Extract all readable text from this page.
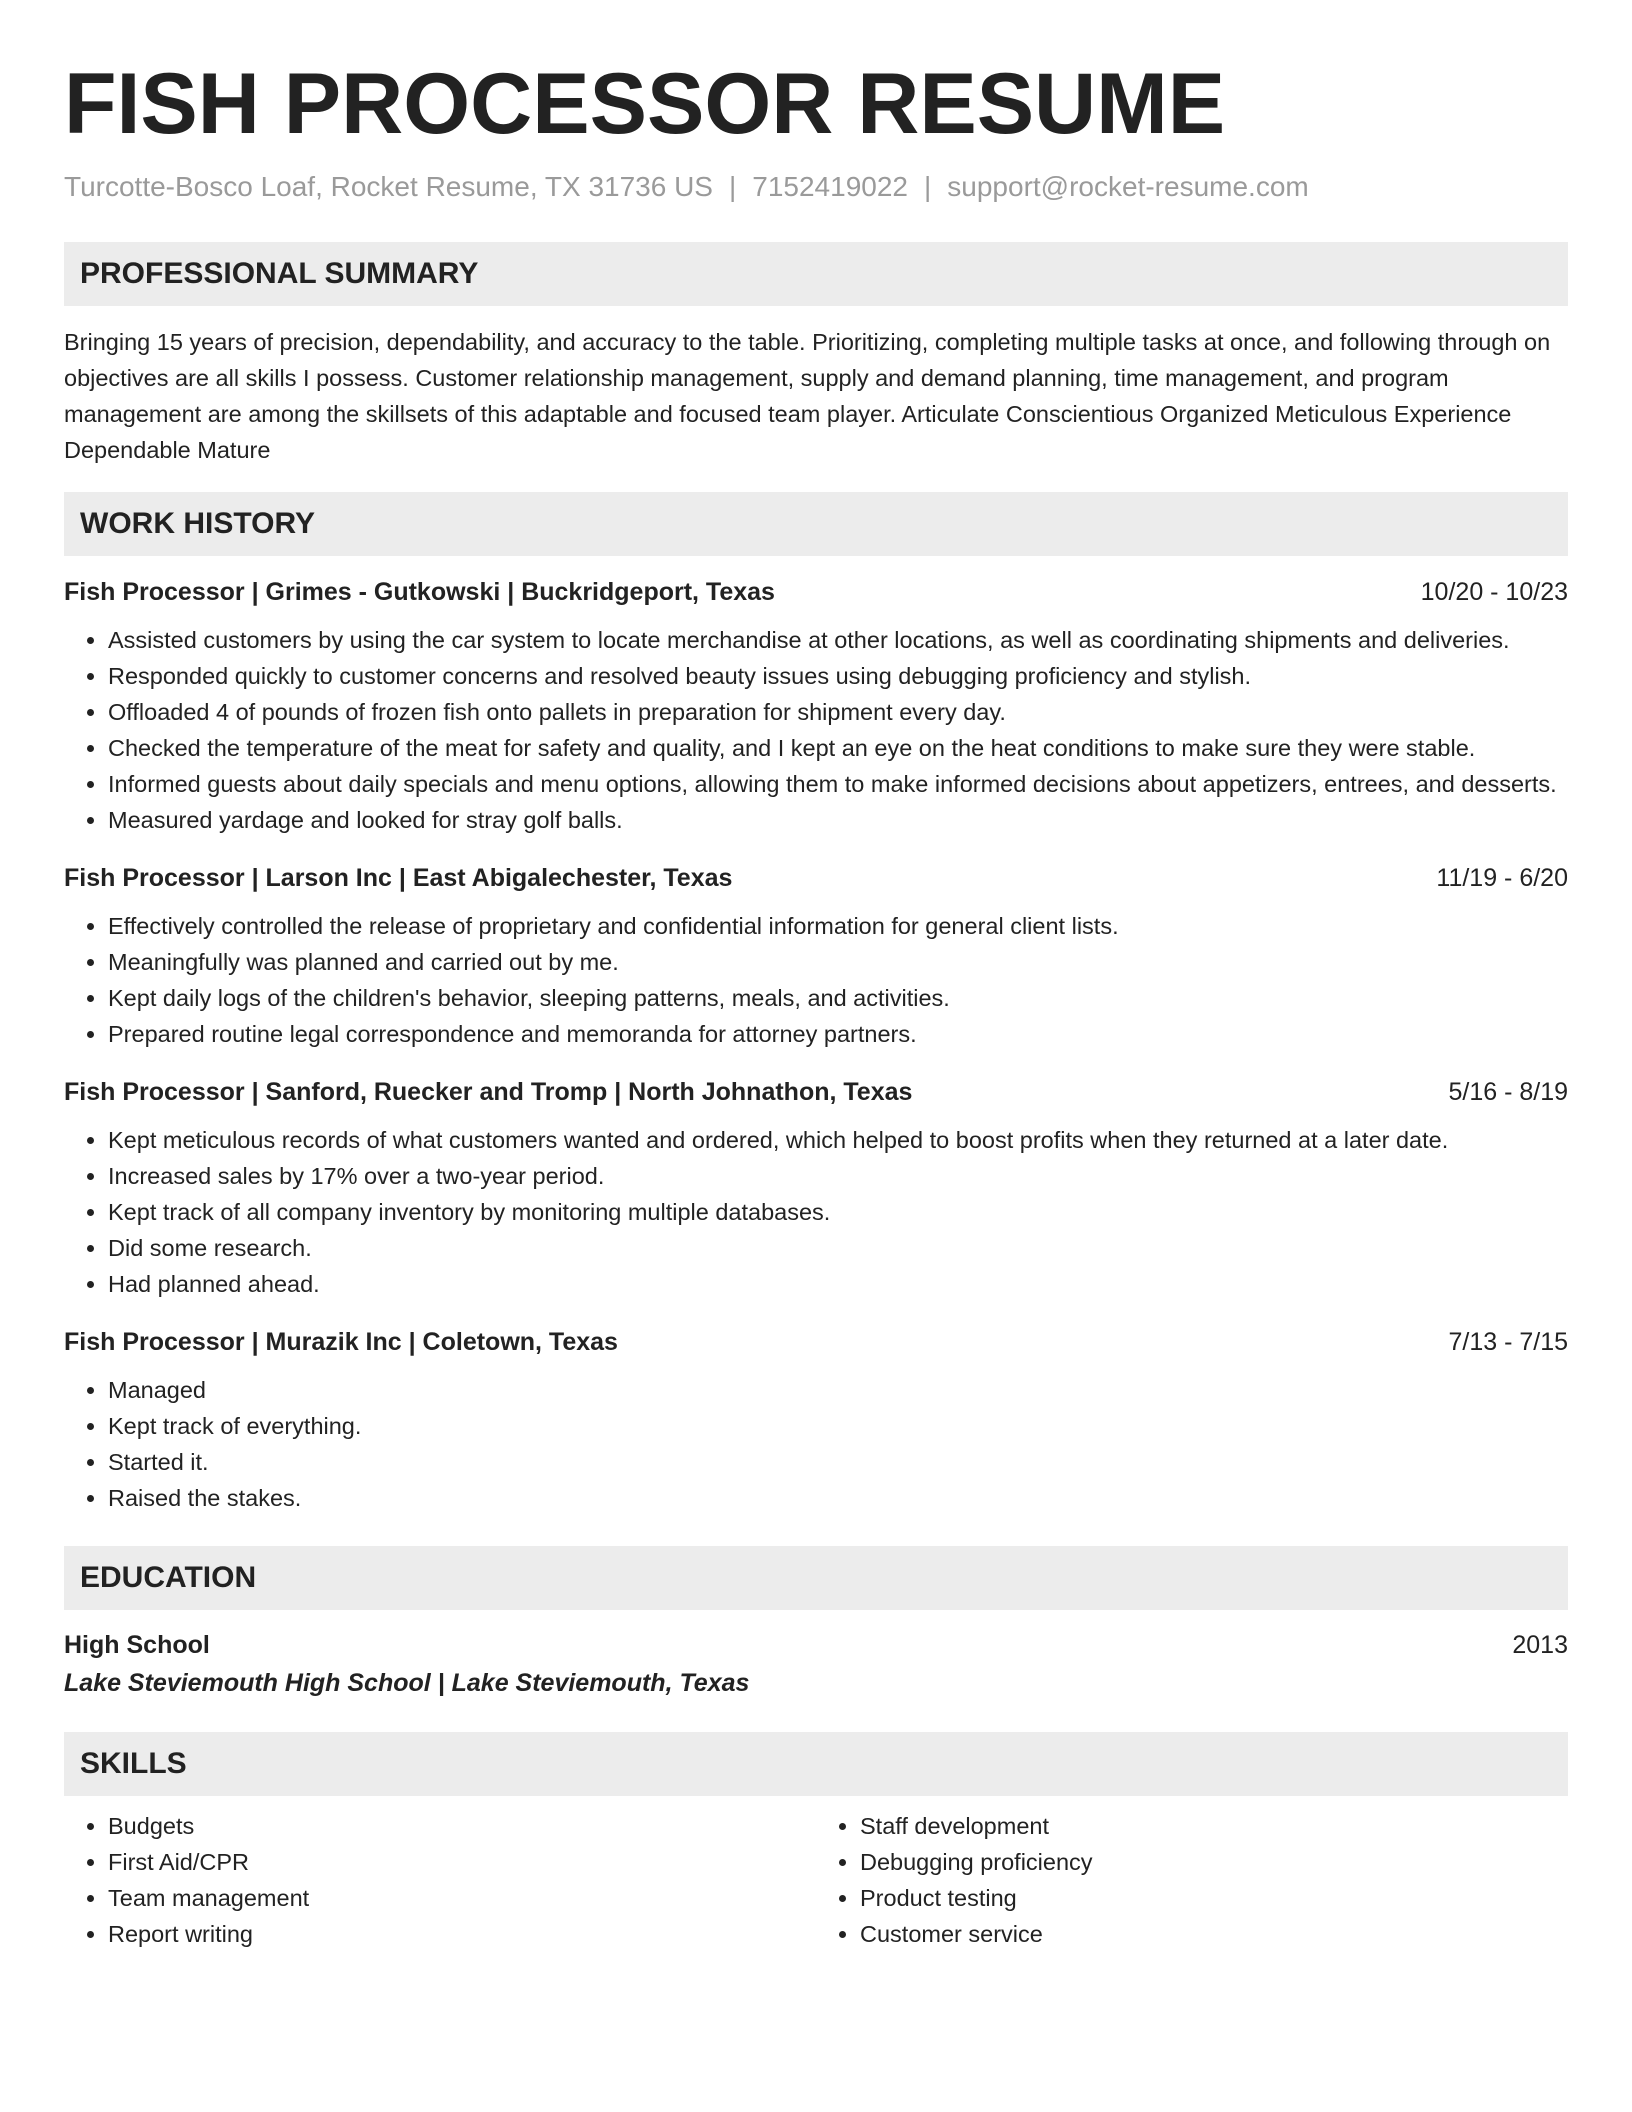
FISH PROCESSOR RESUME
Turcotte-Bosco Loaf, Rocket Resume, TX 31736 US | 7152419022 | support@rocket-resume.com
PROFESSIONAL SUMMARY
Bringing 15 years of precision, dependability, and accuracy to the table. Prioritizing, completing multiple tasks at once, and following through on objectives are all skills I possess. Customer relationship management, supply and demand planning, time management, and program management are among the skillsets of this adaptable and focused team player. Articulate Conscientious Organized Meticulous Experience Dependable Mature
WORK HISTORY
Fish Processor | Grimes - Gutkowski | Buckridgeport, Texas	10/20 - 10/23
• Assisted customers by using the car system to locate merchandise at other locations, as well as coordinating shipments and deliveries.
• Responded quickly to customer concerns and resolved beauty issues using debugging proficiency and stylish.
• Offloaded 4 of pounds of frozen fish onto pallets in preparation for shipment every day.
• Checked the temperature of the meat for safety and quality, and I kept an eye on the heat conditions to make sure they were stable.
• Informed guests about daily specials and menu options, allowing them to make informed decisions about appetizers, entrees, and desserts.
• Measured yardage and looked for stray golf balls.
Fish Processor | Larson Inc | East Abigalechester, Texas	11/19 - 6/20
• Effectively controlled the release of proprietary and confidential information for general client lists.
• Meaningfully was planned and carried out by me.
• Kept daily logs of the children's behavior, sleeping patterns, meals, and activities.
• Prepared routine legal correspondence and memoranda for attorney partners.
Fish Processor | Sanford, Ruecker and Tromp | North Johnathon, Texas	5/16 - 8/19
• Kept meticulous records of what customers wanted and ordered, which helped to boost profits when they returned at a later date.
• Increased sales by 17% over a two-year period.
• Kept track of all company inventory by monitoring multiple databases.
• Did some research.
• Had planned ahead.
Fish Processor | Murazik Inc | Coletown, Texas	7/13 - 7/15
• Managed
• Kept track of everything.
• Started it.
• Raised the stakes.
EDUCATION
High School	2013
Lake Steviemouth High School | Lake Steviemouth, Texas
SKILLS
• Budgets
• First Aid/CPR
• Team management
• Report writing
• Staff development
• Debugging proficiency
• Product testing
• Customer service
